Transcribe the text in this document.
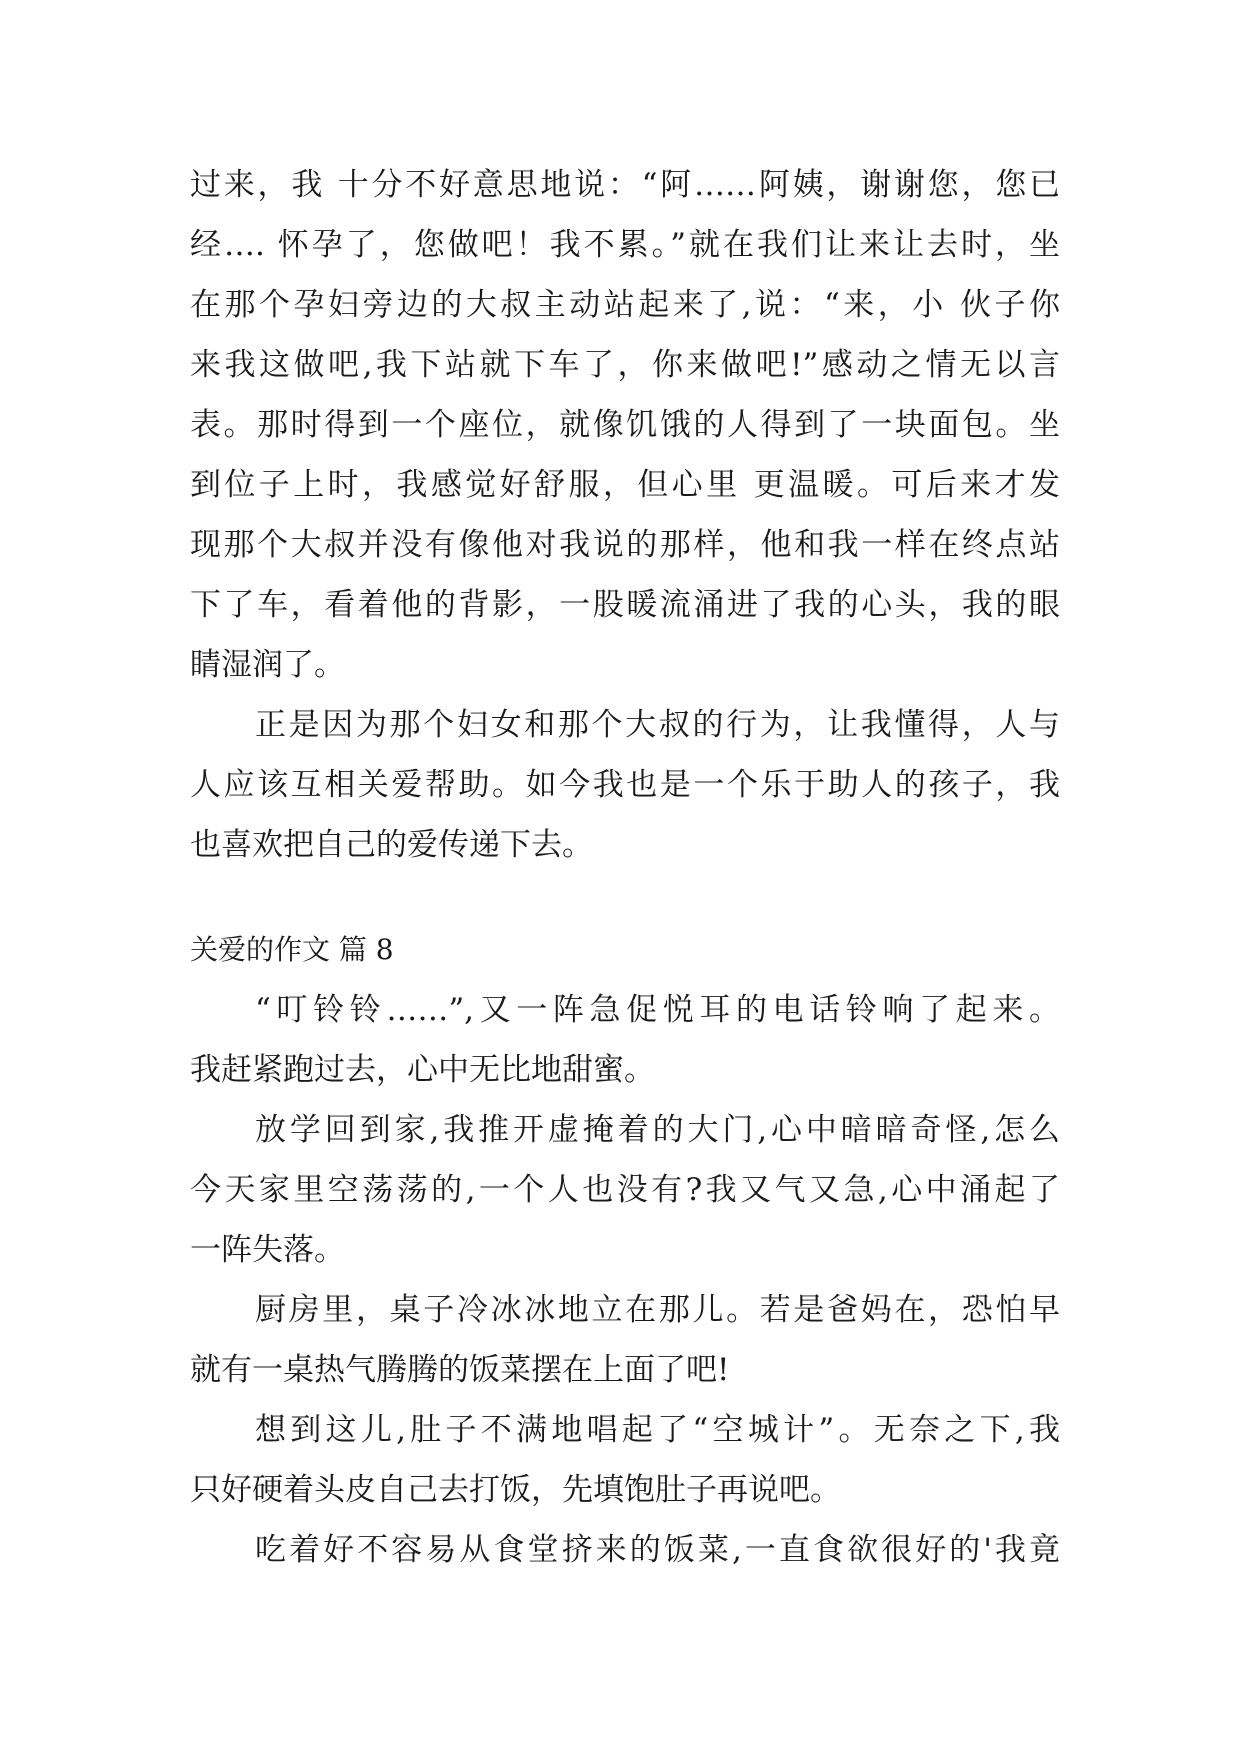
过来，我 十分不好意思地说：“阿……阿姨，谢谢您，您已

经…. 怀孕了，您做吧！我不累。”就在我们让来让去时，坐

在那个孕妇旁边的大叔主动站起来了,说：“来，小 伙子你

来我这做吧,我下站就下车了，你来做吧!”感动之情无以言

表。那时得到一个座位，就像饥饿的人得到了一块面包。坐

到位子上时，我感觉好舒服，但心里 更温暖。可后来才发

现那个大叔并没有像他对我说的那样，他和我一样在终点站

下了车，看着他的背影，一股暖流涌进了我的心头，我的眼

睛湿润了。

正是因为那个妇女和那个大叔的行为，让我懂得，人与

人应该互相关爱帮助。如今我也是一个乐于助人的孩子，我

也喜欢把自己的爱传递下去。

关爱的作文 篇 8

“叮铃铃……”,又一阵急促悦耳的电话铃响了起来。

我赶紧跑过去，心中无比地甜蜜。

放学回到家,我推开虚掩着的大门,心中暗暗奇怪,怎么

今天家里空荡荡的,一个人也没有?我又气又急,心中涌起了

一阵失落。

厨房里，桌子冷冰冰地立在那儿。若是爸妈在，恐怕早

就有一桌热气腾腾的饭菜摆在上面了吧!

想到这儿,肚子不满地唱起了“空城计”。无奈之下,我

只好硬着头皮自己去打饭，先填饱肚子再说吧。

吃着好不容易从食堂挤来的饭菜,一直食欲很好的'我竟
